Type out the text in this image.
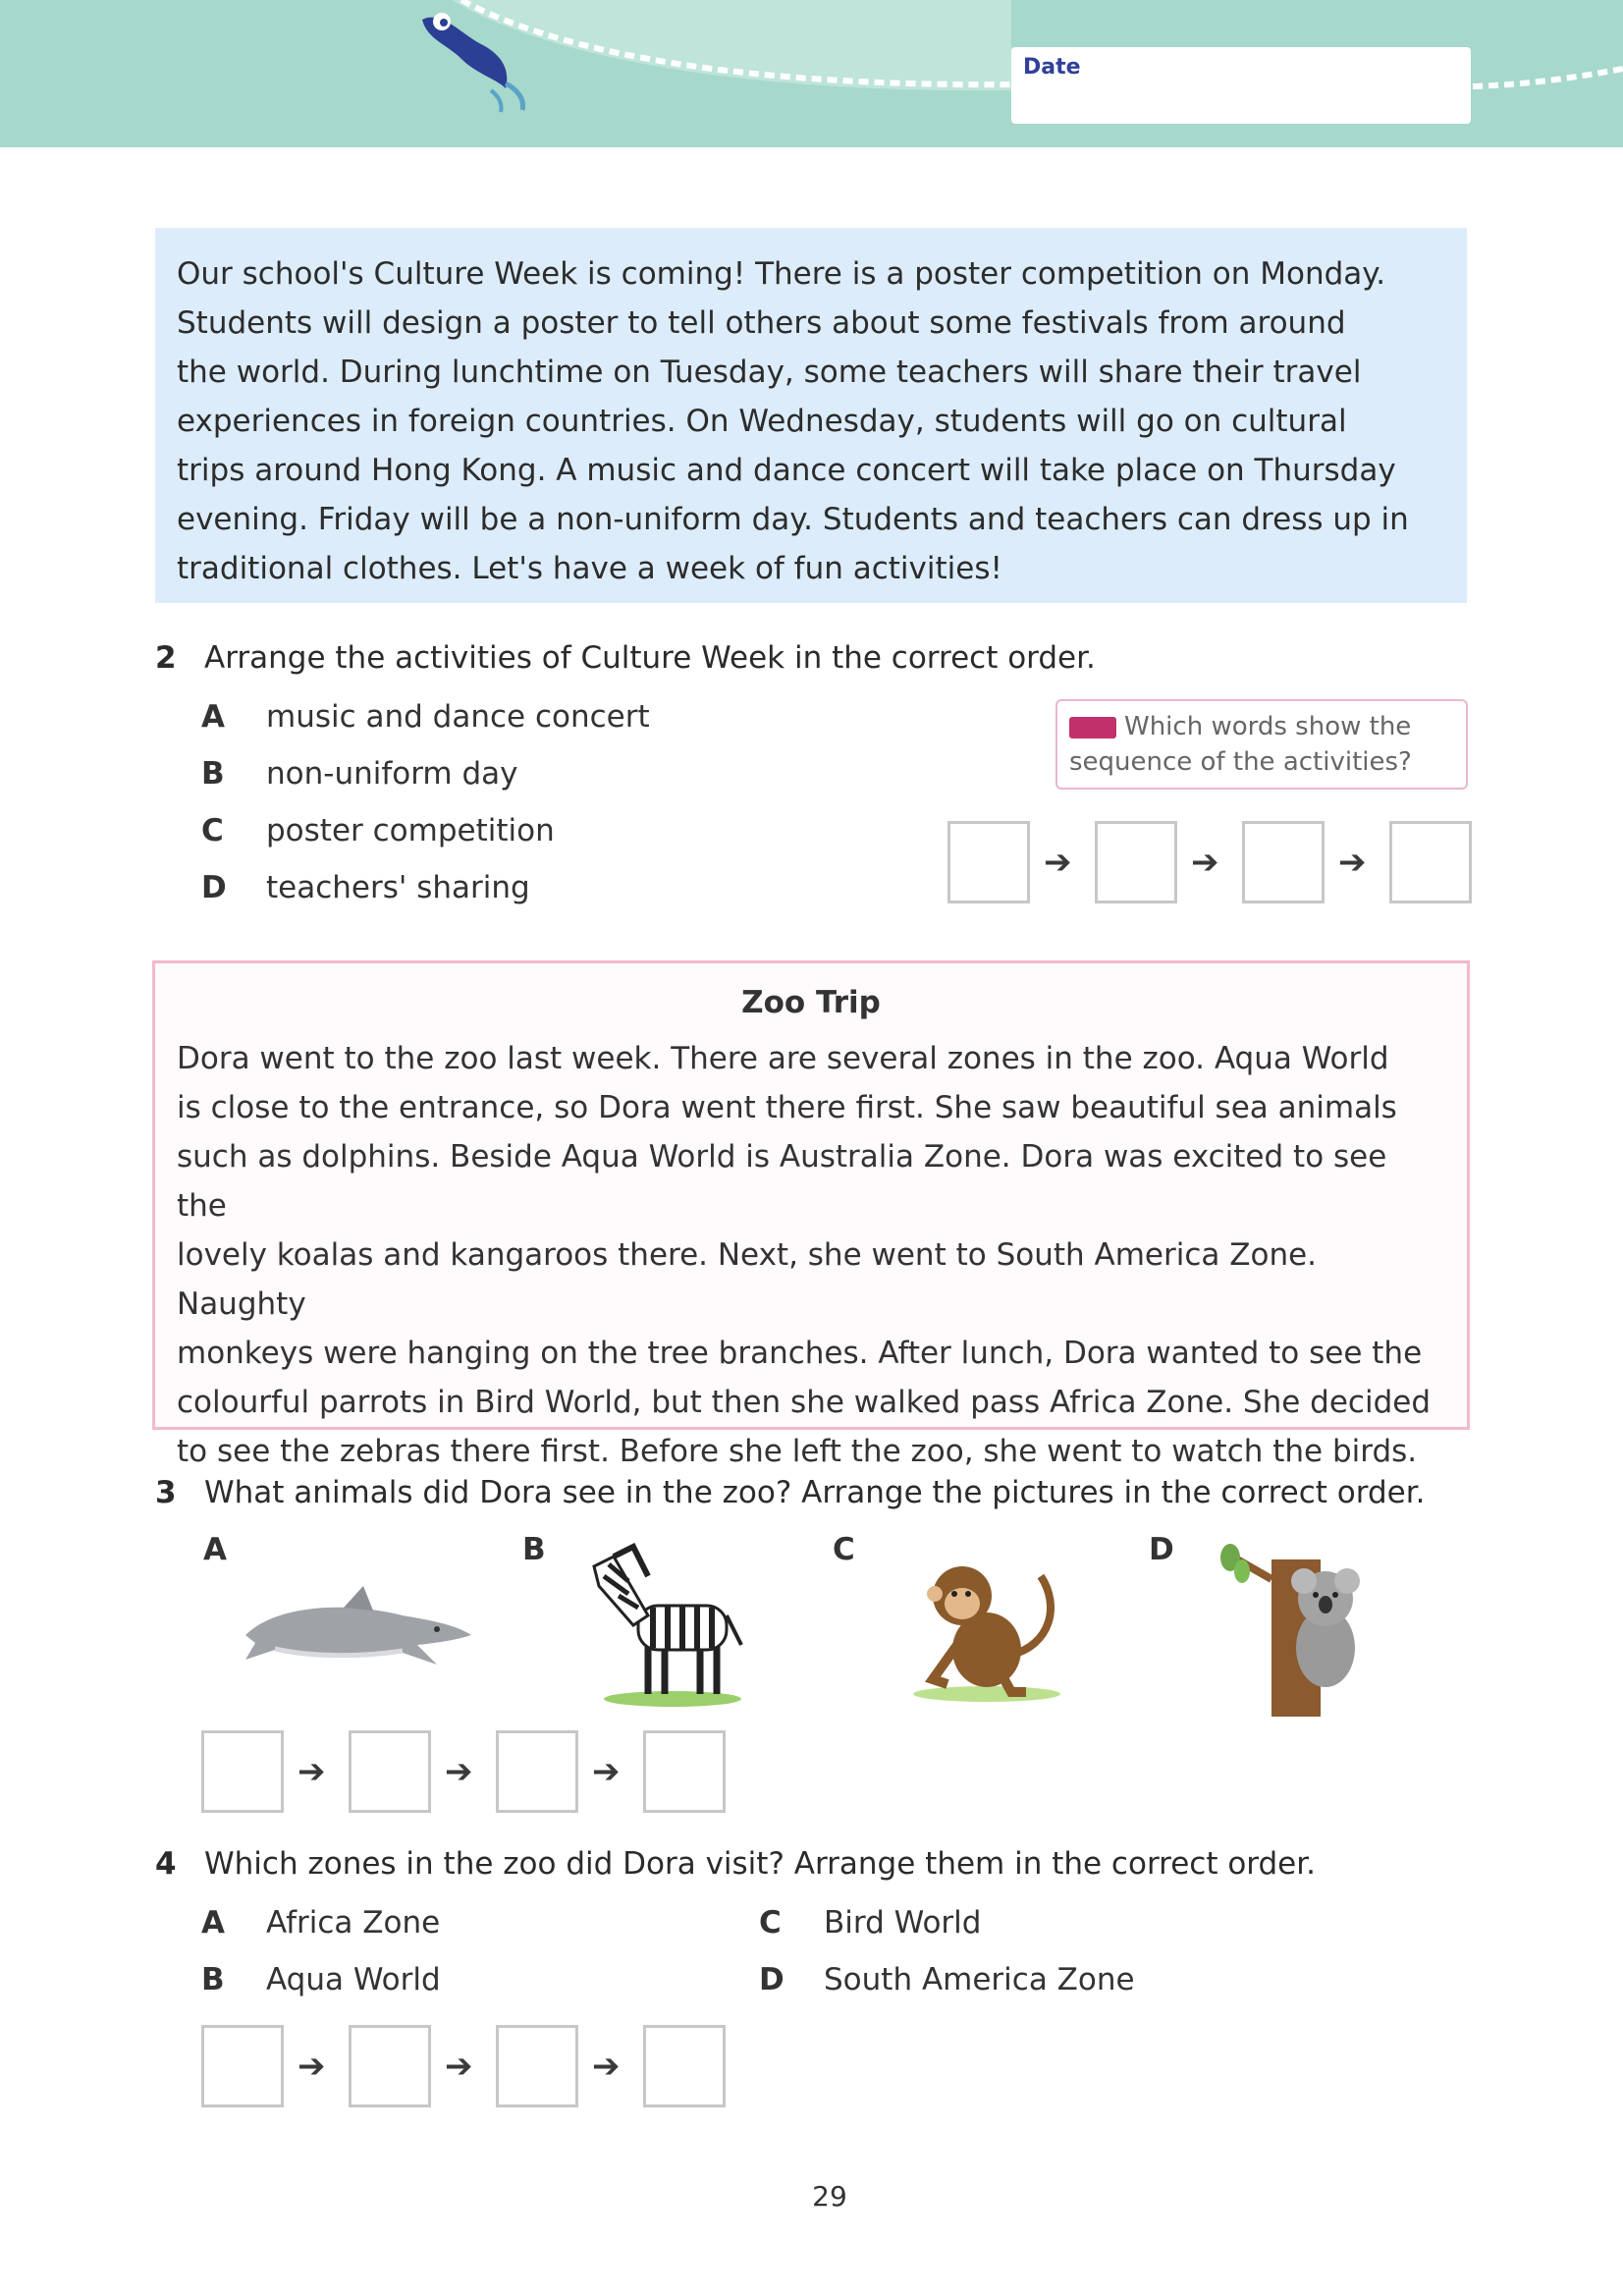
Date

Our school's Culture Week is coming! There is a poster competition on Monday.

Students will design a poster to tell others about some festivals from around

the world. During lunchtime on Tuesday, some teachers will share their travel

experiences in foreign countries. On Wednesday, students will go on cultural

trips around Hong Kong. A music and dance concert will take place on Thursday

evening. Friday will be a non-uniform day. Students and teachers can dress up in

traditional clothes. Let's have a week of fun activities!

2 Arrange the activities of Culture Week in the correct order.
A music and dance concert
B non-uniform day
C poster competition
D teachers' sharing
Which words show the sequence of the activities?
➔	➔	➔
Zoo Trip

Dora went to the zoo last week. There are several zones in the zoo. Aqua World

is close to the entrance, so Dora went there first. She saw beautiful sea animals

such as dolphins. Beside Aqua World is Australia Zone. Dora was excited to see the

lovely koalas and kangaroos there. Next, she went to South America Zone. Naughty

monkeys were hanging on the tree branches. After lunch, Dora wanted to see the

colourful parrots in Bird World, but then she walked pass Africa Zone. She decided

to see the zebras there first. Before she left the zoo, she went to watch the birds.

3 What animals did Dora see in the zoo? Arrange the pictures in the correct order.
A	B	C	D
➔	➔	➔
4 Which zones in the zoo did Dora visit? Arrange them in the correct order.
A Africa Zone
B Aqua World
C Bird World
D South America Zone
➔	➔	➔
29
